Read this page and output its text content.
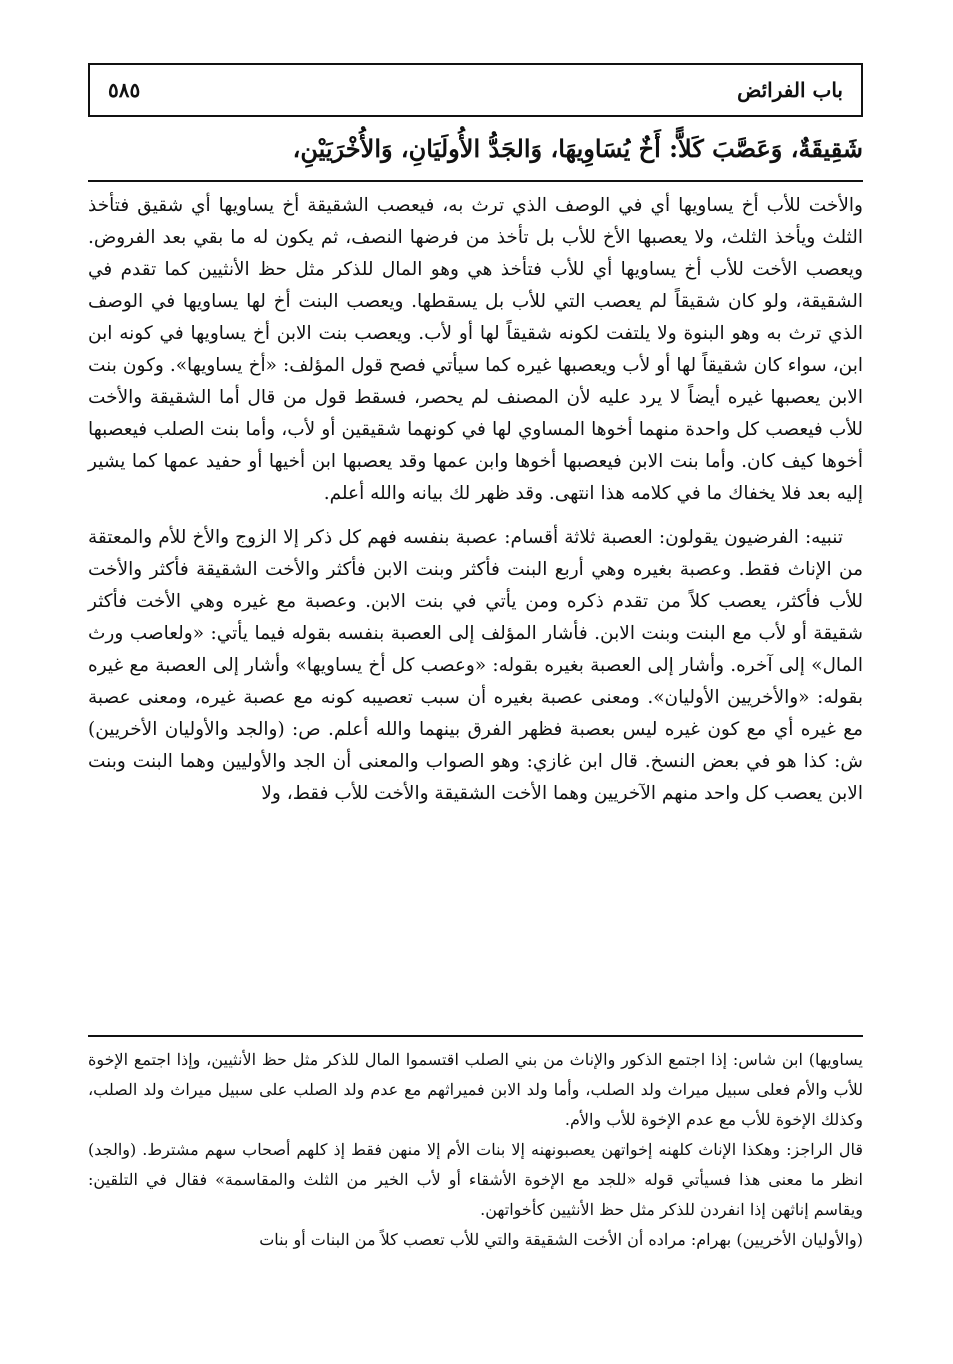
باب الفرائض
٥٨٥
شَقِيقَةٌ، وَعَصَّبَ كَلاًّ: أَخٌ يُسَاوِيهَا، وَالجَدُّ الأُولَيَانِ، وَالأُخْرَيَيْنِ،

والأخت للأب أخ يساويها أي في الوصف الذي ترث به، فيعصب الشقيقة أخ يساويها أي شقيق فتأخذ الثلث ويأخذ الثلث، ولا يعصبها الأخ للأب بل تأخذ من فرضها النصف، ثم يكون له ما بقي بعد الفروض. ويعصب الأخت للأب أخ يساويها أي للأب فتأخذ هي وهو المال للذكر مثل حظ الأنثيين كما تقدم في الشقيقة، ولو كان شقيقاً لم يعصب التي للأب بل يسقطها. ويعصب البنت أخ لها يساويها في الوصف الذي ترث به وهو البنوة ولا يلتفت لكونه شقيقاً لها أو لأب. ويعصب بنت الابن أخ يساويها في كونه ابن ابن، سواء كان شقيقاً لها أو لأب ويعصبها غيره كما سيأتي فصح قول المؤلف: «أخ يساويها». وكون بنت الابن يعصبها غيره أيضاً لا يرد عليه لأن المصنف لم يحصر، فسقط قول من قال أما الشقيقة والأخت للأب فيعصب كل واحدة منهما أخوها المساوي لها في كونهما شقيقين أو لأب، وأما بنت الصلب فيعصبها أخوها كيف كان. وأما بنت الابن فيعصبها أخوها وابن عمها وقد يعصبها ابن أخيها أو حفيد عمها كما يشير إليه بعد فلا يخفاك ما في كلامه هذا انتهى. وقد ظهر لك بيانه والله أعلم.

تنبيه: الفرضيون يقولون: العصبة ثلاثة أقسام: عصبة بنفسه فهم كل ذكر إلا الزوج والأخ للأم والمعتقة من الإناث فقط. وعصبة بغيره وهي أربع البنت فأكثر وبنت الابن فأكثر والأخت الشقيقة فأكثر والأخت للأب فأكثر، يعصب كلاً من تقدم ذكره ومن يأتي في بنت الابن. وعصبة مع غيره وهي الأخت فأكثر شقيقة أو لأب مع البنت وبنت الابن. فأشار المؤلف إلى العصبة بنفسه بقوله فيما يأتي: «ولعاصب ورث المال» إلى آخره. وأشار إلى العصبة بغيره بقوله: «وعصب كل أخ يساويها» وأشار إلى العصبة مع غيره بقوله: «والأخريين الأوليان». ومعنى عصبة بغيره أن سبب تعصيبه كونه مع عصبة غيره، ومعنى عصبة مع غيره أي مع كون غيره ليس بعصبة فظهر الفرق بينهما والله أعلم. ص: (والجد والأوليان الأخريين) ش: كذا هو في بعض النسخ. قال ابن غازي: وهو الصواب والمعنى أن الجد والأوليين وهما البنت وبنت الابن يعصب كل واحد منهم الآخريين وهما الأخت الشقيقة والأخت للأب فقط، ولا

يساويها) ابن شاس: إذا اجتمع الذكور والإناث من بني الصلب اقتسموا المال للذكر مثل حظ الأنثيين، وإذا اجتمع الإخوة للأب والأم فعلى سبيل ميراث ولد الصلب، وأما ولد الابن فميراثهم مع عدم ولد الصلب على سبيل ميراث ولد الصلب، وكذلك الإخوة للأب مع عدم الإخوة للأب والأم.

قال الراجز: وهكذا الإناث كلهنه إخواتهن يعصبونهنه إلا بنات الأم إلا منهن فقط إذ كلهم أصحاب سهم مشترط. (والجد) انظر ما معنى هذا فسيأتي قوله «للجد مع الإخوة الأشقاء أو لأب الخير من الثلث والمقاسمة» فقال في التلقين: ويقاسم إناثهن إذا انفردن للذكر مثل حظ الأنثيين كأخواتهن.

(والأوليان الأخريين) بهرام: مراده أن الأخت الشقيقة والتي للأب تعصب كلاً من البنات أو بنات
